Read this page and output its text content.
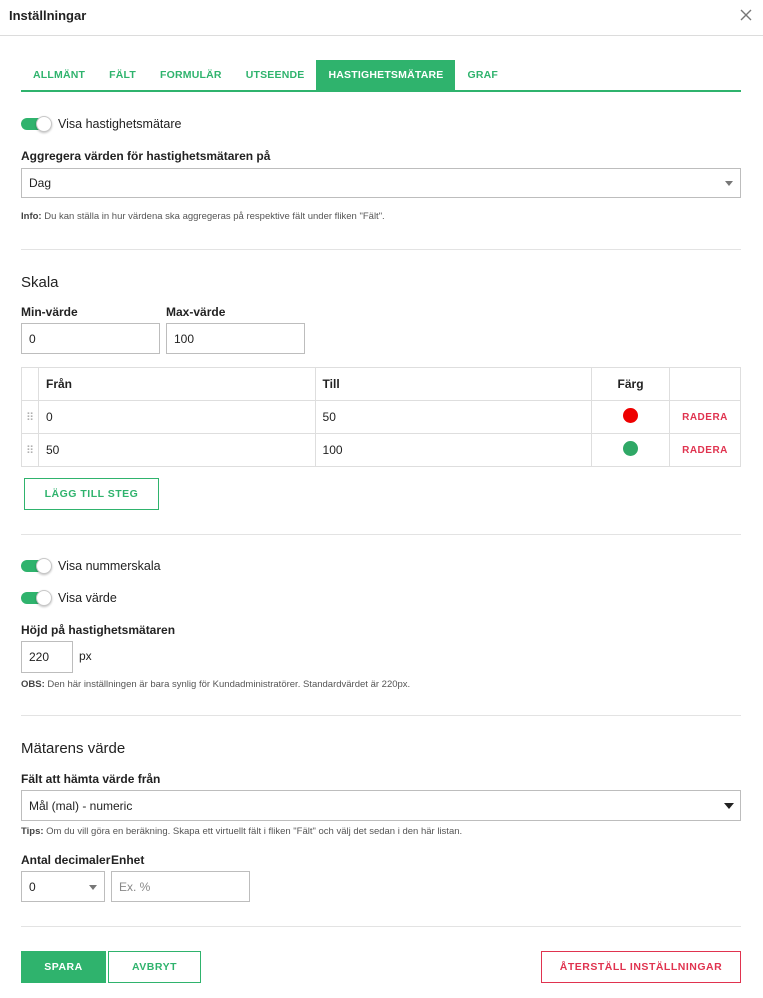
Inställningar
ALLMÄNT	FÄLT	FORMULÄR	UTSEENDE	HASTIGHETSMÄTARE	GRAF
Visa hastighetsmätare
Aggregera värden för hastighetsmätaren på
Dag
Info: Du kan ställa in hur värdena ska aggregeras på respektive fält under fliken "Fält".
Skala
Min-värde
0
Max-värde
100
	Från	Till	Färg	
⠿	0	50		RADERA
⠿	50	100		RADERA
LÄGG TILL STEG
Visa nummerskala
Visa värde
Höjd på hastighetsmätaren
220	px
OBS: Den här inställningen är bara synlig för Kundadministratörer. Standardvärdet är 220px.
Mätarens värde
Fält att hämta värde från
Mål (mal) - numeric
Tips: Om du vill göra en beräkning. Skapa ett virtuellt fält i fliken "Fält" och välj det sedan i den här listan.
Antal decimaler
0
Enhet
Ex. %
SPARA	AVBRYT	ÅTERSTÄLL INSTÄLLNINGAR
